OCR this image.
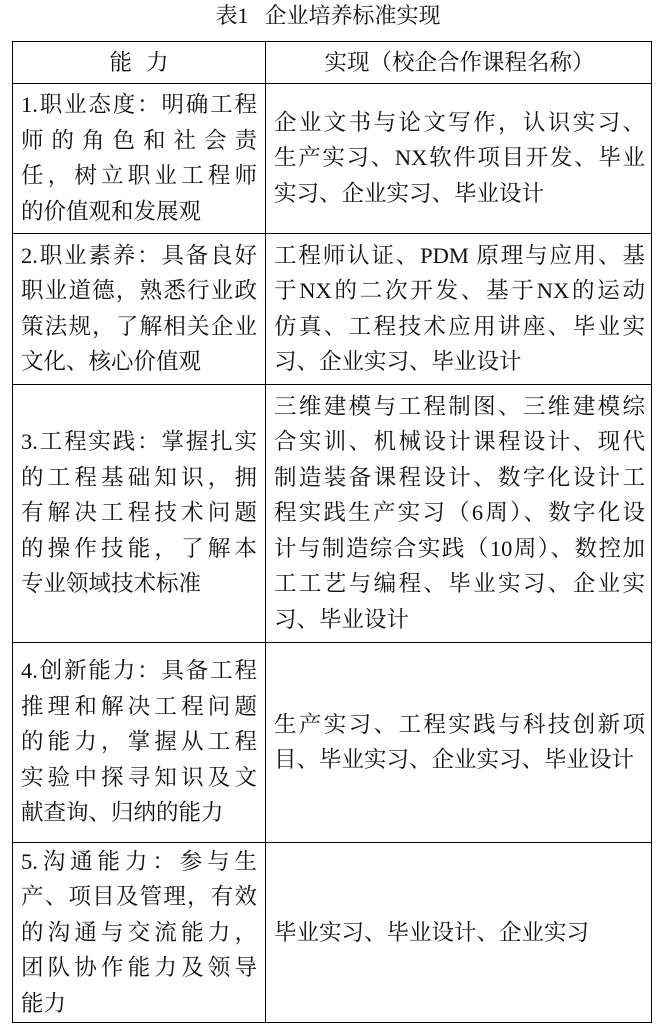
表1 企业培养标准实现
能力	实现（校企合作课程名称）
1.职业态度：明确工程
师的角色和社会责
任，树立职业工程师
的价值观和发展观
企业文书与论文写作，认识实习、
生产实习、NX软件项目开发、毕业
实习、企业实习、毕业设计
2.职业素养：具备良好
职业道德，熟悉行业政
策法规，了解相关企业
文化、核心价值观
工程师认证、PDM 原理与应用、基
于NX的二次开发、基于NX的运动
仿真、工程技术应用讲座、毕业实
习、企业实习、毕业设计
3.工程实践：掌握扎实
的工程基础知识，拥
有解决工程技术问题
的操作技能，了解本
专业领域技术标准
三维建模与工程制图、三维建模综
合实训、机械设计课程设计、现代
制造装备课程设计、数字化设计工
程实践生产实习（6周）、数字化设
计与制造综合实践（10周）、数控加
工工艺与编程、毕业实习、企业实
习、毕业设计
4.创新能力：具备工程
推理和解决工程问题
的能力，掌握从工程
实验中探寻知识及文
献查询、归纳的能力
生产实习、工程实践与科技创新项
目、毕业实习、企业实习、毕业设计
5.沟通能力：参与生
产、项目及管理，有效
的沟通与交流能力，
团队协作能力及领导
能力
毕业实习、毕业设计、企业实习
